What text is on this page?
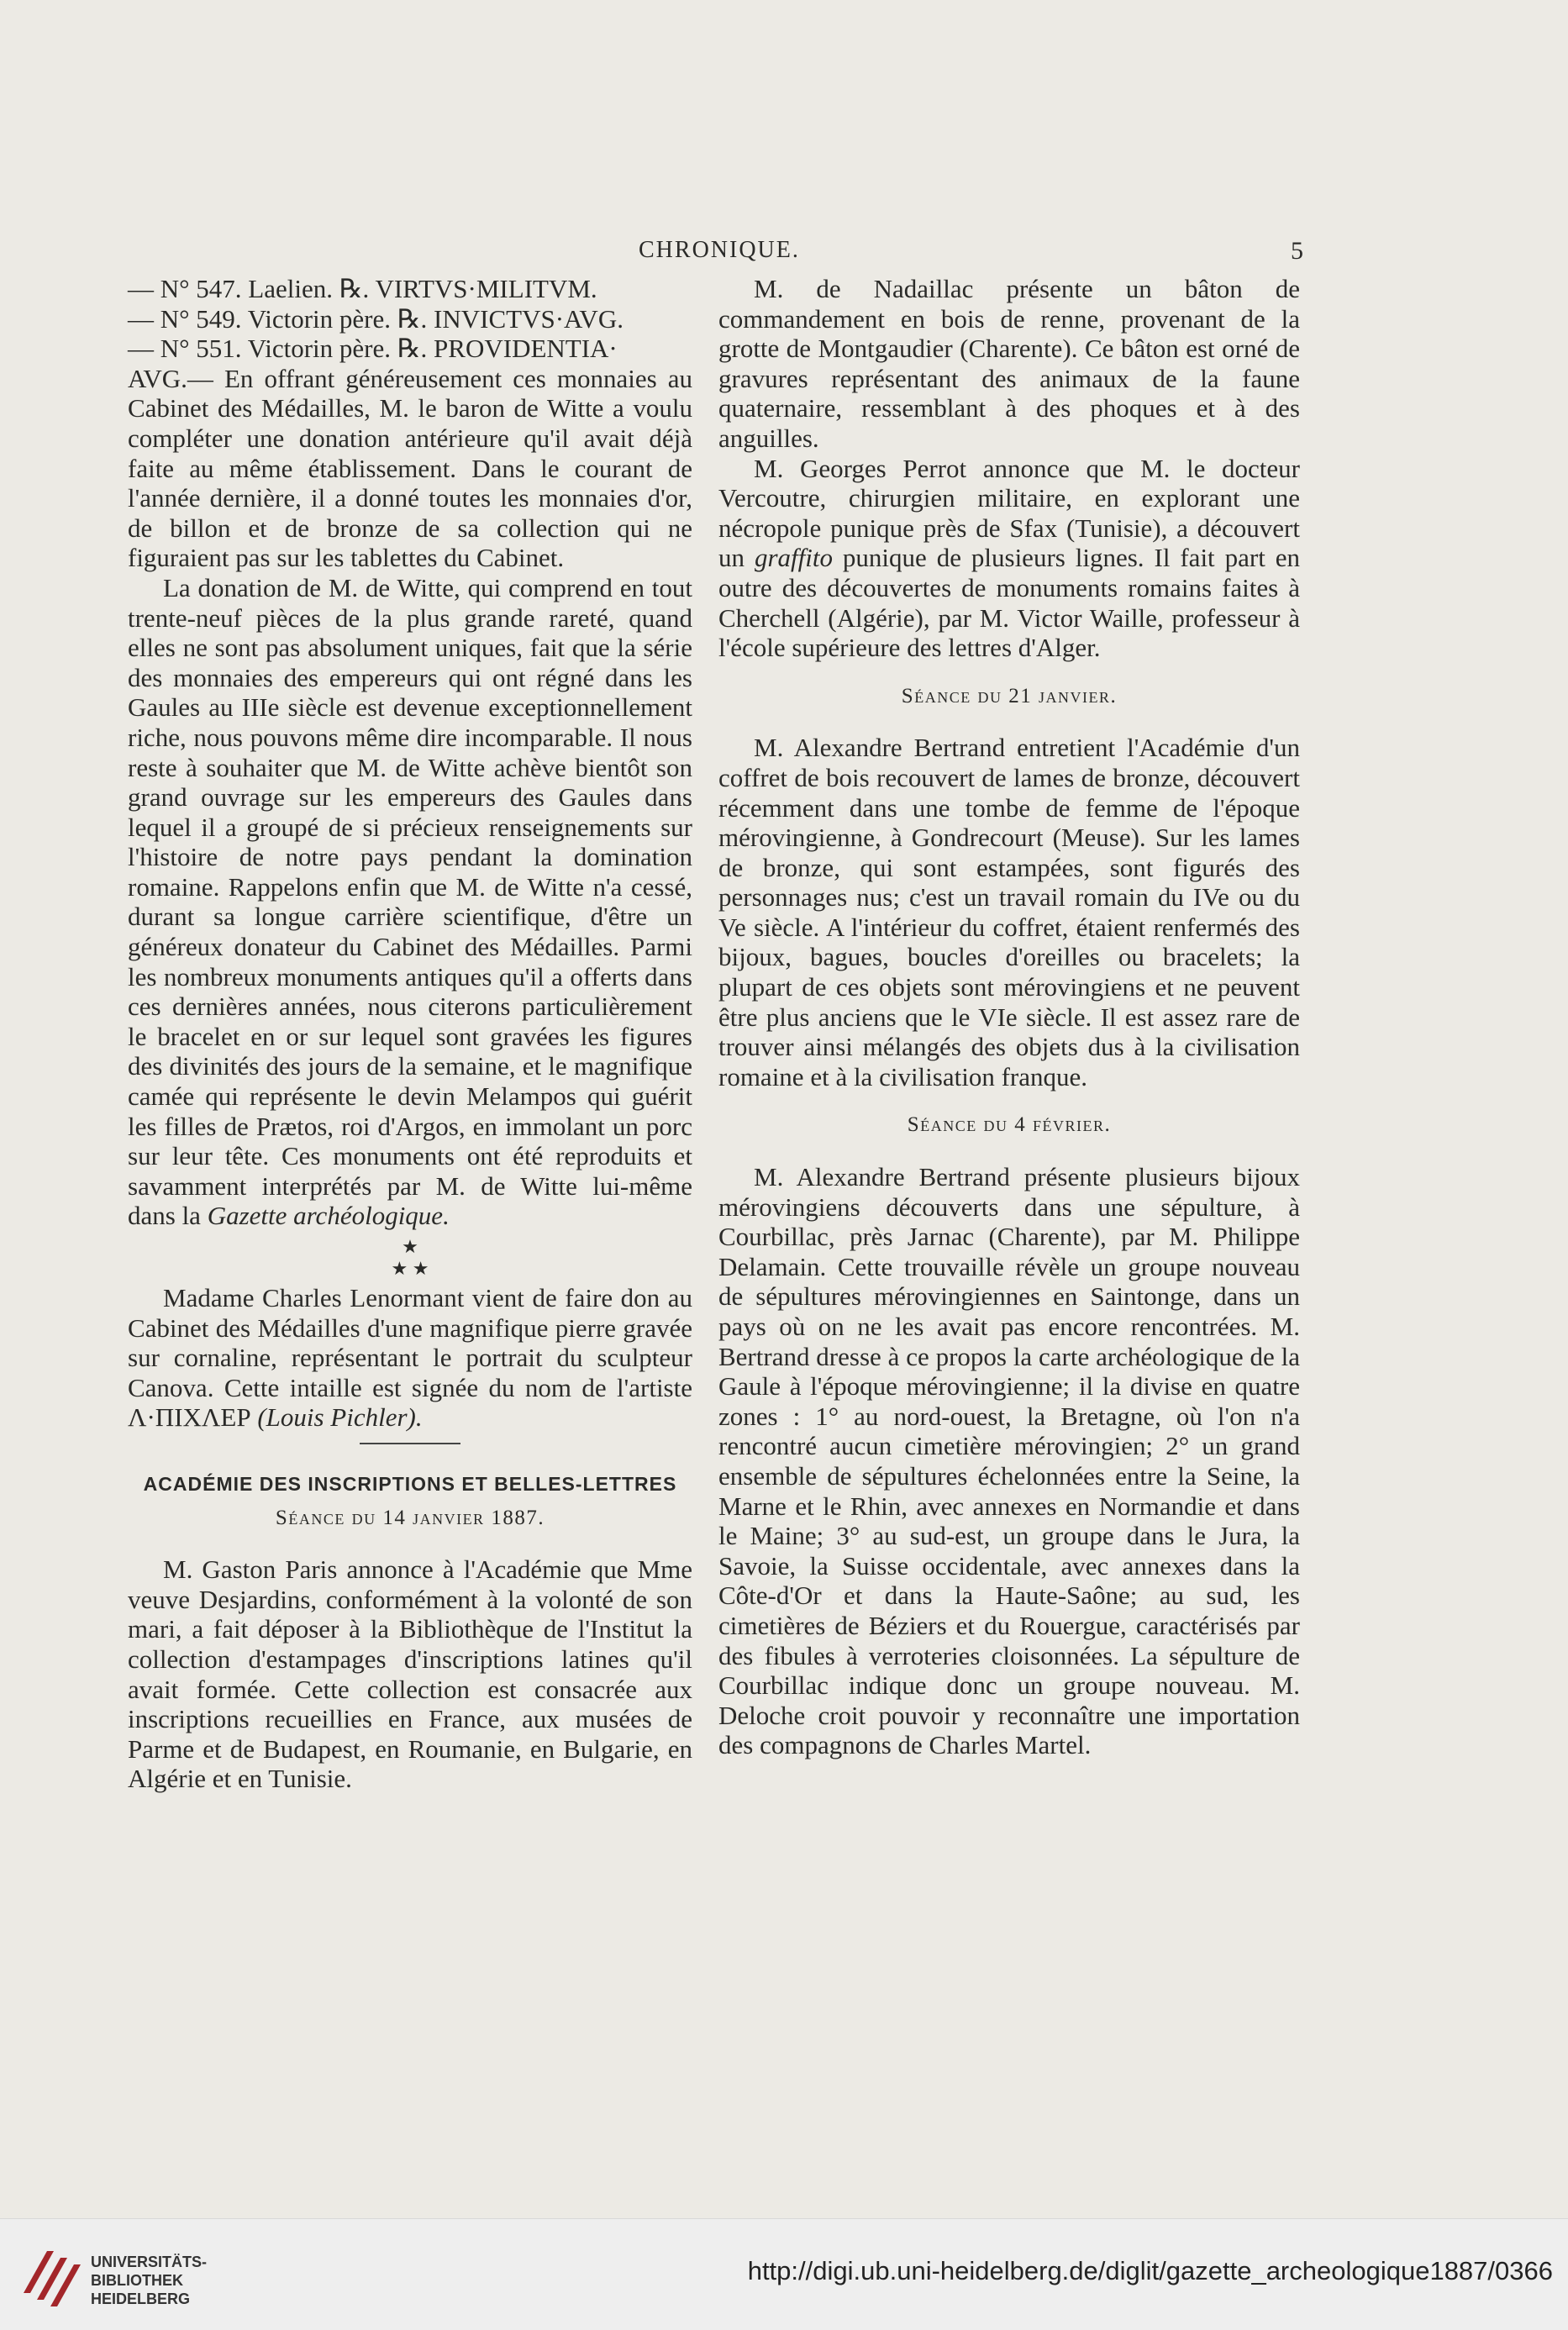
CHRONIQUE.	5

— N° 547. Laelien. ℞. VIRTVS·MILITVM.

— N° 549. Victorin père. ℞. INVICTVS·AVG.

— N° 551. Victorin père. ℞. PROVIDENTIA·

AVG.— En offrant généreusement ces monnaies au Cabinet des Médailles, M. le baron de Witte a voulu compléter une donation antérieure qu'il avait déjà faite au même établissement. Dans le courant de l'année dernière, il a donné toutes les monnaies d'or, de billon et de bronze de sa collection qui ne figuraient pas sur les tablettes du Cabinet.

La donation de M. de Witte, qui comprend en tout trente-neuf pièces de la plus grande rareté, quand elles ne sont pas absolument uniques, fait que la série des monnaies des empereurs qui ont régné dans les Gaules au IIIe siècle est devenue exceptionnellement riche, nous pouvons même dire incomparable. Il nous reste à souhaiter que M. de Witte achève bientôt son grand ouvrage sur les empereurs des Gaules dans lequel il a groupé de si précieux renseignements sur l'histoire de notre pays pendant la domination romaine. Rappelons enfin que M. de Witte n'a cessé, durant sa longue carrière scientifique, d'être un généreux donateur du Cabinet des Médailles. Parmi les nombreux monuments antiques qu'il a offerts dans ces dernières années, nous citerons particulièrement le bracelet en or sur lequel sont gravées les figures des divinités des jours de la semaine, et le magnifique camée qui représente le devin Melampos qui guérit les filles de Prætos, roi d'Argos, en immolant un porc sur leur tête. Ces monuments ont été reproduits et savamment interprétés par M. de Witte lui-même dans la Gazette archéologique.

★
★ ★

Madame Charles Lenormant vient de faire don au Cabinet des Médailles d'une magnifique pierre gravée sur cornaline, représentant le portrait du sculpteur Canova. Cette intaille est signée du nom de l'artiste Λ·ΠΙΧΛΕΡ (Louis Pichler).

ACADÉMIE DES INSCRIPTIONS ET BELLES-LETTRES
Séance du 14 janvier 1887.

M. Gaston Paris annonce à l'Académie que Mme veuve Desjardins, conformément à la volonté de son mari, a fait déposer à la Bibliothèque de l'Institut la collection d'estampages d'inscriptions latines qu'il avait formée. Cette collection est consacrée aux inscriptions recueillies en France, aux musées de Parme et de Budapest, en Roumanie, en Bulgarie, en Algérie et en Tunisie.

M. de Nadaillac présente un bâton de commandement en bois de renne, provenant de la grotte de Montgaudier (Charente). Ce bâton est orné de gravures représentant des animaux de la faune quaternaire, ressemblant à des phoques et à des anguilles.

M. Georges Perrot annonce que M. le docteur Vercoutre, chirurgien militaire, en explorant une nécropole punique près de Sfax (Tunisie), a découvert un graffito punique de plusieurs lignes. Il fait part en outre des découvertes de monuments romains faites à Cherchell (Algérie), par M. Victor Waille, professeur à l'école supérieure des lettres d'Alger.

Séance du 21 janvier.

M. Alexandre Bertrand entretient l'Académie d'un coffret de bois recouvert de lames de bronze, découvert récemment dans une tombe de femme de l'époque mérovingienne, à Gondrecourt (Meuse). Sur les lames de bronze, qui sont estampées, sont figurés des personnages nus; c'est un travail romain du IVe ou du Ve siècle. A l'intérieur du coffret, étaient renfermés des bijoux, bagues, boucles d'oreilles ou bracelets; la plupart de ces objets sont mérovingiens et ne peuvent être plus anciens que le VIe siècle. Il est assez rare de trouver ainsi mélangés des objets dus à la civilisation romaine et à la civilisation franque.

Séance du 4 février.

M. Alexandre Bertrand présente plusieurs bijoux mérovingiens découverts dans une sépulture, à Courbillac, près Jarnac (Charente), par M. Philippe Delamain. Cette trouvaille révèle un groupe nouveau de sépultures mérovingiennes en Saintonge, dans un pays où on ne les avait pas encore rencontrées. M. Bertrand dresse à ce propos la carte archéologique de la Gaule à l'époque mérovingienne; il la divise en quatre zones : 1° au nord-ouest, la Bretagne, où l'on n'a rencontré aucun cimetière mérovingien; 2° un grand ensemble de sépultures échelonnées entre la Seine, la Marne et le Rhin, avec annexes en Normandie et dans le Maine; 3° au sud-est, un groupe dans le Jura, la Savoie, la Suisse occidentale, avec annexes dans la Côte-d'Or et dans la Haute-Saône; au sud, les cimetières de Béziers et du Rouergue, caractérisés par des fibules à verroteries cloisonnées. La sépulture de Courbillac indique donc un groupe nouveau. M. Deloche croit pouvoir y reconnaître une importation des compagnons de Charles Martel.

UNIVERSITÄTS-
BIBLIOTHEK
HEIDELBERG
http://digi.ub.uni-heidelberg.de/diglit/gazette_archeologique1887/0366
